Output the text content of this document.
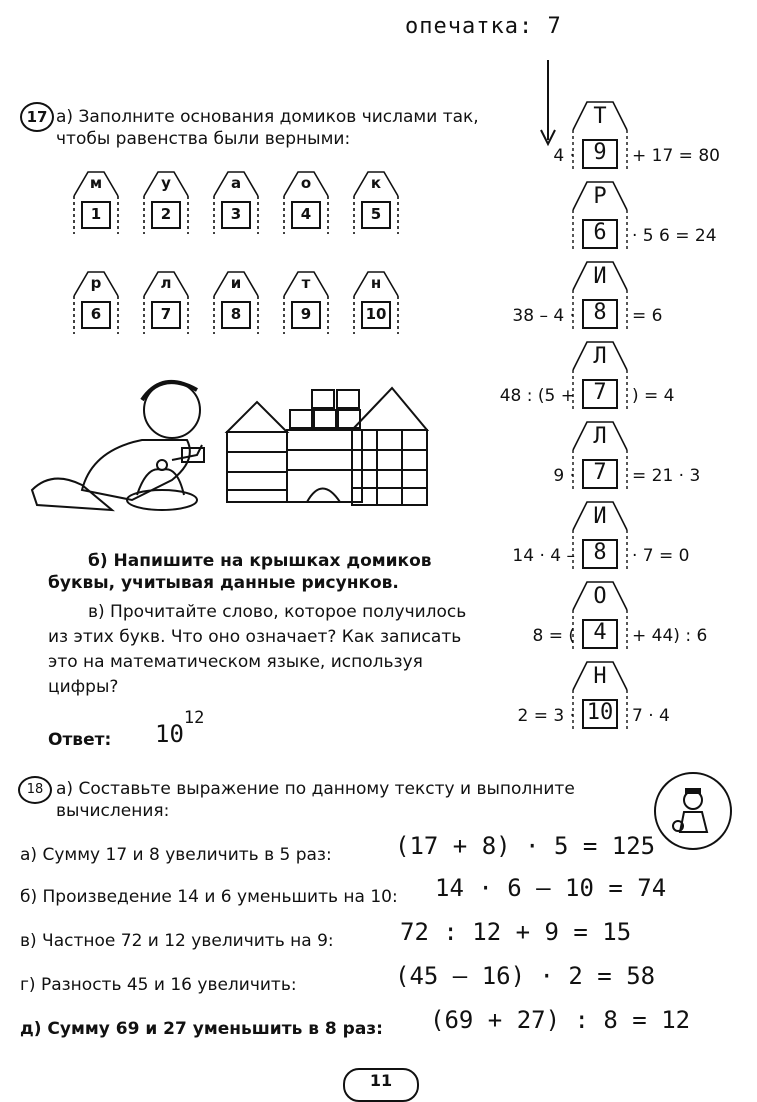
опечатка: 7
17 а) Заполните основания домиков числами так, чтобы равенства были верными:
м
1
у
2
а
3
о
4
к
5
р
6
л
7
и
8
т
9
н
10
б) Напишите на крышках домиков буквы, учитывая данные рисунков.
в) Прочитайте слово, которое получилось из этих букв. Что оно означает? Как записать это на математическом языке, используя цифры?
Ответ: $10^{12}$
Т
9
4 ·	+ 17 = 80
Р
6	· 5 6 = 24
И
8
38 – 4 ·	= 6
Л
7
48 : (5 +	) = 4
Л
7
9 ·	= 21 · 3
И
8
14 · 4 –	· 7 = 0
О
4
8 = (	+ 44) : 6
Н
10
2 = 3 ·	7 · 4
18 а) Составьте выражение по данному тексту и выполните вычисления:
а) Сумму 17 и 8 увеличить в 5 раз:	(17 + 8) · 5 = 125
б) Произведение 14 и 6 уменьшить на 10: 14 · 6 – 10 = 74
в) Частное 72 и 12 увеличить на 9:	72 : 12 + 9 = 15
г) Разность 45 и 16 увеличить:	(45 – 16) · 2 = 58
д) Сумму 69 и 27 уменьшить в 8 раз: (69 + 27) : 8 = 12
11
